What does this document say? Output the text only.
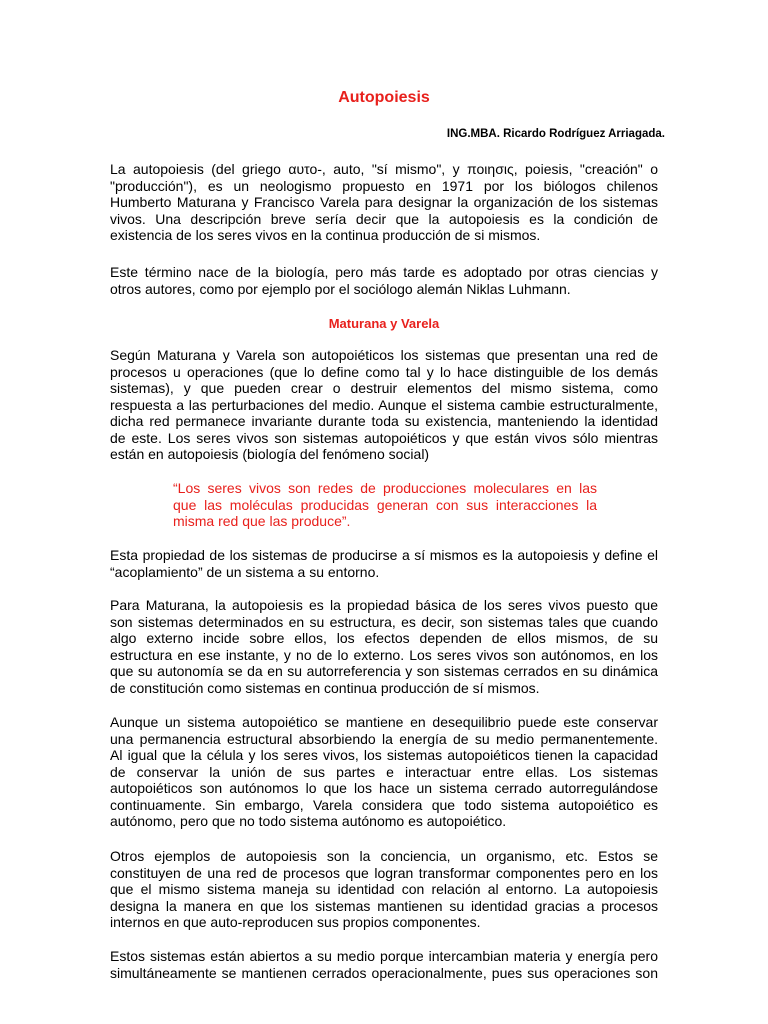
Autopoiesis

ING.MBA. Ricardo Rodríguez Arriagada.

La autopoiesis (del griego αυτο-, auto, "sí mismo", y ποιησις, poiesis, "creación" o
"producción"), es un neologismo propuesto en 1971 por los biólogos chilenos
Humberto Maturana y Francisco Varela para designar la organización de los sistemas
vivos. Una descripción breve sería decir que la autopoiesis es la condición de
existencia de los seres vivos en la continua producción de si mismos.
Este término nace de la biología, pero más tarde es adoptado por otras ciencias y
otros autores, como por ejemplo por el sociólogo alemán Niklas Luhmann.
Maturana y Varela
Según Maturana y Varela son autopoiéticos los sistemas que presentan una red de
procesos u operaciones (que lo define como tal y lo hace distinguible de los demás
sistemas), y que pueden crear o destruir elementos del mismo sistema, como
respuesta a las perturbaciones del medio. Aunque el sistema cambie estructuralmente,
dicha red permanece invariante durante toda su existencia, manteniendo la identidad
de este. Los seres vivos son sistemas autopoiéticos y que están vivos sólo mientras
están en autopoiesis (biología del fenómeno social)
“Los seres vivos son redes de producciones moleculares en las
que las moléculas producidas generan con sus interacciones la
misma red que las produce”.
Esta propiedad de los sistemas de producirse a sí mismos es la autopoiesis y define el
“acoplamiento” de un sistema a su entorno.
Para Maturana, la autopoiesis es la propiedad básica de los seres vivos puesto que
son sistemas determinados en su estructura, es decir, son sistemas tales que cuando
algo externo incide sobre ellos, los efectos dependen de ellos mismos, de su
estructura en ese instante, y no de lo externo. Los seres vivos son autónomos, en los
que su autonomía se da en su autorreferencia y son sistemas cerrados en su dinámica
de constitución como sistemas en continua producción de sí mismos.
Aunque un sistema autopoiético se mantiene en desequilibrio puede este conservar
una permanencia estructural absorbiendo la energía de su medio permanentemente.
Al igual que la célula y los seres vivos, los sistemas autopoiéticos tienen la capacidad
de conservar la unión de sus partes e interactuar entre ellas. Los sistemas
autopoiéticos son autónomos lo que los hace un sistema cerrado autorregulándose
continuamente. Sin embargo, Varela considera que todo sistema autopoiético es
autónomo, pero que no todo sistema autónomo es autopoiético.
Otros ejemplos de autopoiesis son la conciencia, un organismo, etc. Estos se
constituyen de una red de procesos que logran transformar componentes pero en los
que el mismo sistema maneja su identidad con relación al entorno. La autopoiesis
designa la manera en que los sistemas mantienen su identidad gracias a procesos
internos en que auto-reproducen sus propios componentes.
Estos sistemas están abiertos a su medio porque intercambian materia y energía pero
simultáneamente se mantienen cerrados operacionalmente, pues sus operaciones son
